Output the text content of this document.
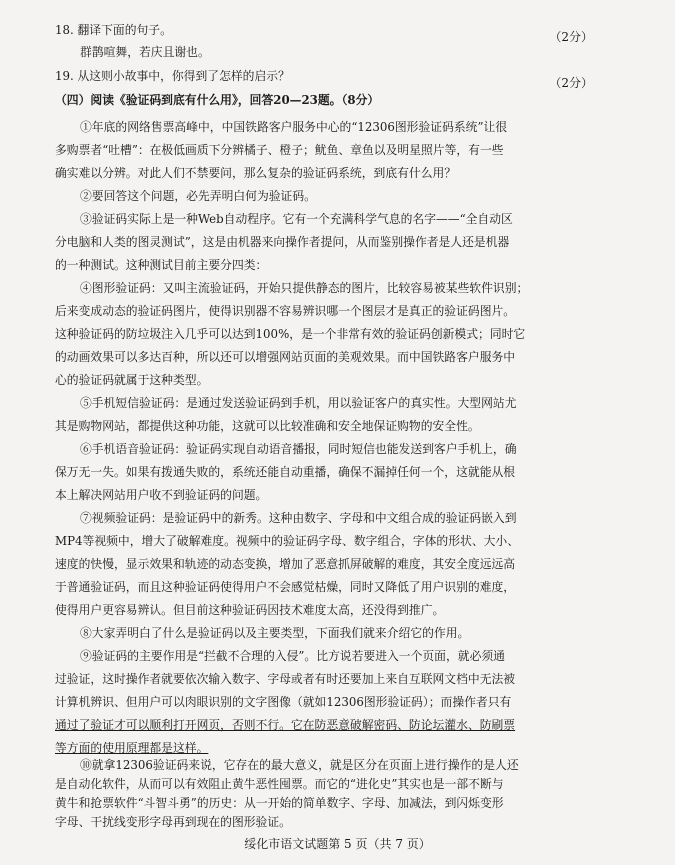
18. 翻译下面的句子。	（2分）
群鹊喧舞，若庆且谢也。
19. 从这则小故事中，你得到了怎样的启示？	（2分）
（四）阅读《验证码到底有什么用》，回答20—23题。（8分）
①年底的网络售票高峰中，中国铁路客户服务中心的“12306图形验证码系统”让很
多购票者“吐槽”：在极低画质下分辨橘子、橙子；鱿鱼、章鱼以及明星照片等，有一些
确实难以分辨。对此人们不禁要问，那么复杂的验证码系统，到底有什么用？
②要回答这个问题，必先弄明白何为验证码。
③验证码实际上是一种Web自动程序。它有一个充满科学气息的名字——“全自动区
分电脑和人类的图灵测试”，这是由机器来向操作者提问，从而鉴别操作者是人还是机器
的一种测试。这种测试目前主要分四类：
④图形验证码：又叫主流验证码，开始只提供静态的图片，比较容易被某些软件识别；
后来变成动态的验证码图片，使得识别器不容易辨识哪一个图层才是真正的验证码图片。
这种验证码的防垃圾注入几乎可以达到100%，是一个非常有效的验证码创新模式；同时它
的动画效果可以多达百种，所以还可以增强网站页面的美观效果。而中国铁路客户服务中
心的验证码就属于这种类型。
⑤手机短信验证码：是通过发送验证码到手机，用以验证客户的真实性。大型网站尤
其是购物网站，都提供这种功能，这就可以比较准确和安全地保证购物的安全性。
⑥手机语音验证码：验证码实现自动语音播报，同时短信也能发送到客户手机上，确
保万无一失。如果有拨通失败的，系统还能自动重播，确保不漏掉任何一个，这就能从根
本上解决网站用户收不到验证码的问题。
⑦视频验证码：是验证码中的新秀。这种由数字、字母和中文组合成的验证码嵌入到
MP4等视频中，增大了破解难度。视频中的验证码字母、数字组合，字体的形状、大小、
速度的快慢，显示效果和轨迹的动态变换，增加了恶意抓屏破解的难度，其安全度远远高
于普通验证码，而且这种验证码使得用户不会感觉枯燥，同时又降低了用户识别的难度，
使得用户更容易辨认。但目前这种验证码因技术难度太高，还没得到推广。
⑧大家弄明白了什么是验证码以及主要类型，下面我们就来介绍它的作用。
⑨验证码的主要作用是“拦截不合理的入侵”。比方说若要进入一个页面，就必须通
过验证，这时操作者就要依次输入数字、字母或者有时还要加上来自互联网文档中无法被
计算机辨识、但用户可以肉眼识别的文字图像（就如12306图形验证码）；而操作者只有
通过了验证才可以顺利打开网页，否则不行。它在防恶意破解密码、防论坛灌水、防刷票
等方面的使用原理都是这样。
⑩就拿12306验证码来说，它存在的最大意义，就是区分在页面上进行操作的是人还
是自动化软件，从而可以有效阻止黄牛恶性囤票。而它的“进化史”其实也是一部不断与
黄牛和抢票软件“斗智斗勇”的历史：从一开始的简单数字、字母、加减法，到闪烁变形
字母、干扰线变形字母再到现在的图形验证。
绥化市语文试题第 5 页（共 7 页）
